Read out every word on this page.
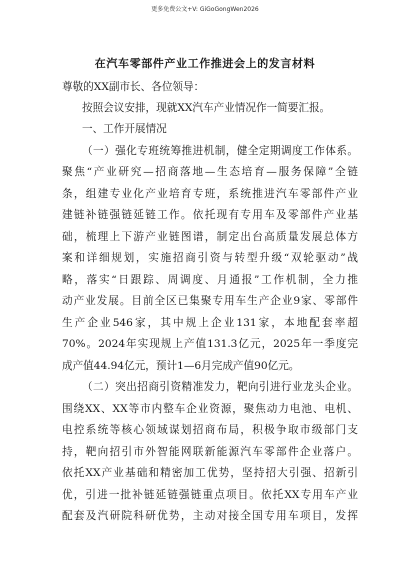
更多免费公文+V: GiGoGongWen2026
在汽车零部件产业工作推进会上的发言材料
尊敬的XX副市长、各位领导：
按照会议安排，现就XX汽车产业情况作一简要汇报。
一、工作开展情况
（一）强化专班统筹推进机制，健全定期调度工作体系。
聚焦“产业研究—招商落地—生态培育—服务保障”全链
条，组建专业化产业培育专班，系统推进汽车零部件产业
建链补链强链延链工作。依托现有专用车及零部件产业基
础，梳理上下游产业链图谱，制定出台高质量发展总体方
案和详细规划，实施招商引资与转型升级“双轮驱动”战
略，落实“日跟踪、周调度、月通报”工作机制，全力推
动产业发展。目前全区已集聚专用车生产企业9家、零部件
生产企业546家，其中规上企业131家，本地配套率超
70%。2024年实现规上产值131.3亿元，2025年一季度完
成产值44.94亿元，预计1—6月完成产值90亿元。
（二）突出招商引资精准发力，靶向引进行业龙头企业。
围绕XX、XX等市内整车企业资源，聚焦动力电池、电机、
电控系统等核心领域谋划招商布局，积极争取市级部门支
持，靶向招引市外智能网联新能源汽车零部件企业落户。
依托XX产业基础和精密加工优势，坚持招大引强、招新引
优，引进一批补链延链强链重点项目。依托XX专用车产业
配套及汽研院科研优势，主动对接全国专用车项目，发挥
